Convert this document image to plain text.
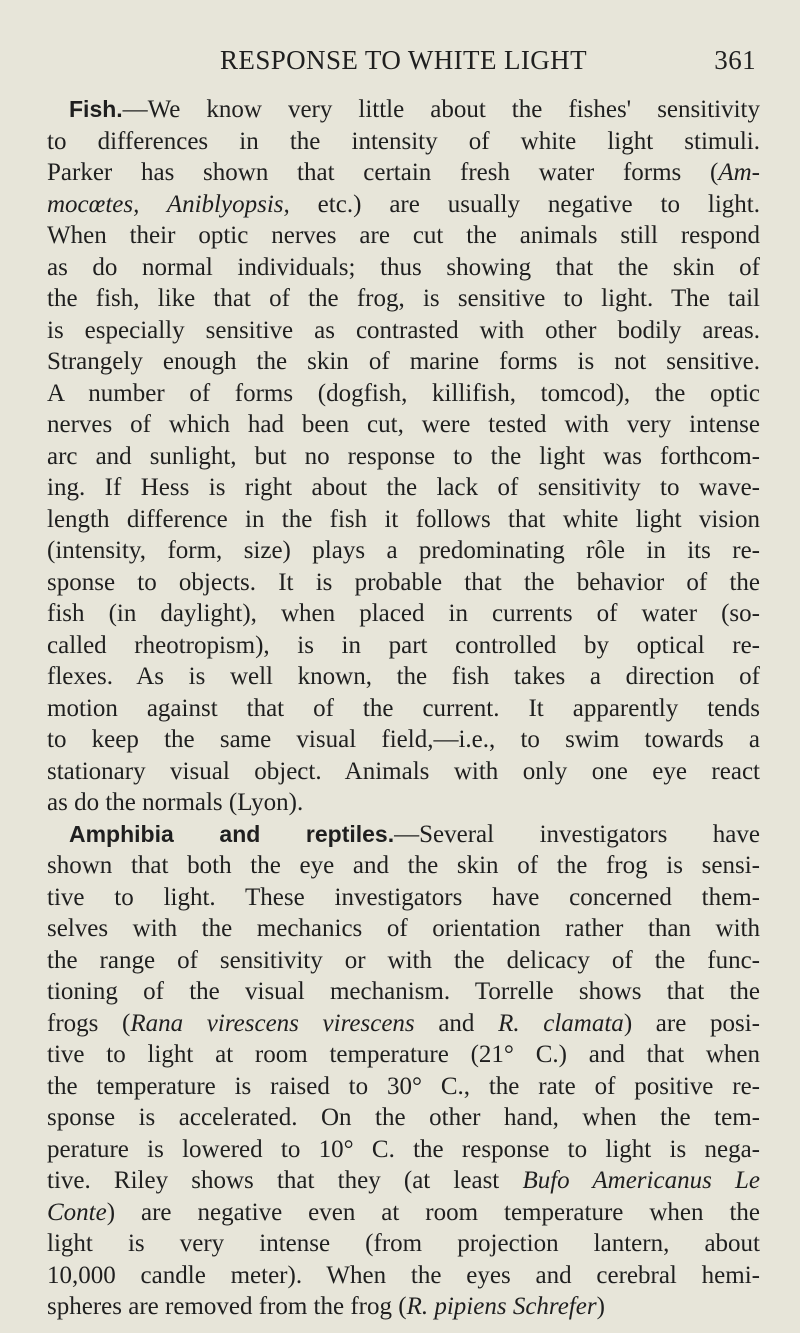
RESPONSE TO WHITE LIGHT	361
Fish.—We know very little about the fishes' sensitivity
to differences in the intensity of white light stimuli.
Parker has shown that certain fresh water forms (Am-
mocœtes, Aniblyopsis, etc.) are usually negative to light.
When their optic nerves are cut the animals still respond
as do normal individuals; thus showing that the skin of
the fish, like that of the frog, is sensitive to light. The tail
is especially sensitive as contrasted with other bodily areas.
Strangely enough the skin of marine forms is not sensitive.
A number of forms (dogfish, killifish, tomcod), the optic
nerves of which had been cut, were tested with very intense
arc and sunlight, but no response to the light was forthcom-
ing. If Hess is right about the lack of sensitivity to wave-
length difference in the fish it follows that white light vision
(intensity, form, size) plays a predominating rôle in its re-
sponse to objects. It is probable that the behavior of the
fish (in daylight), when placed in currents of water (so-
called rheotropism), is in part controlled by optical re-
flexes. As is well known, the fish takes a direction of
motion against that of the current. It apparently tends
to keep the same visual field,—i.e., to swim towards a
stationary visual object. Animals with only one eye react
as do the normals (Lyon).
Amphibia and reptiles.—Several investigators have
shown that both the eye and the skin of the frog is sensi-
tive to light. These investigators have concerned them-
selves with the mechanics of orientation rather than with
the range of sensitivity or with the delicacy of the func-
tioning of the visual mechanism. Torrelle shows that the
frogs (Rana virescens virescens and R. clamata) are posi-
tive to light at room temperature (21° C.) and that when
the temperature is raised to 30° C., the rate of positive re-
sponse is accelerated. On the other hand, when the tem-
perature is lowered to 10° C. the response to light is nega-
tive. Riley shows that they (at least Bufo Americanus Le
Conte) are negative even at room temperature when the
light is very intense (from projection lantern, about
10,000 candle meter). When the eyes and cerebral hemi-
spheres are removed from the frog (R. pipiens Schrefer)
